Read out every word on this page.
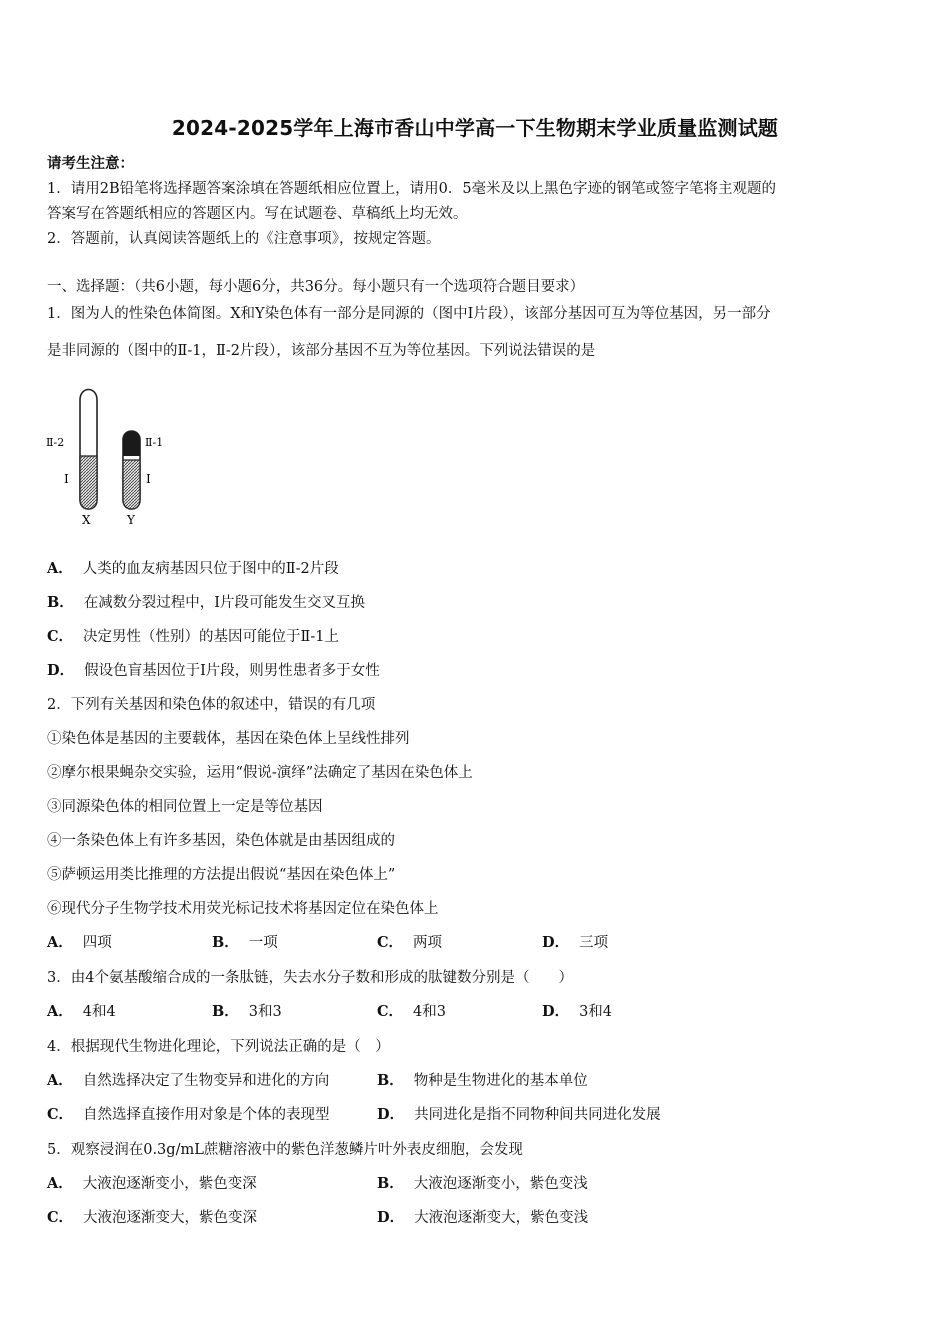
2024-2025学年上海市香山中学高一下生物期末学业质量监测试题
请考生注意：
1．请用2B铅笔将选择题答案涂填在答题纸相应位置上，请用0．5毫米及以上黑色字迹的钢笔或签字笔将主观题的
答案写在答题纸相应的答题区内。写在试题卷、草稿纸上均无效。
2．答题前，认真阅读答题纸上的《注意事项》，按规定答题。
一、选择题：（共6小题，每小题6分，共36分。每小题只有一个选项符合题目要求）
1．图为人的性染色体简图。X和Y染色体有一部分是同源的（图中I片段），该部分基因可互为等位基因，另一部分
是非同源的（图中的Ⅱ-1，Ⅱ-2片段），该部分基因不互为等位基因。下列说法错误的是
Ⅱ-2
I
Ⅱ-1
I
X	Y
A． 人类的血友病基因只位于图中的Ⅱ-2片段
B． 在减数分裂过程中，I片段可能发生交叉互换
C． 决定男性（性别）的基因可能位于Ⅱ-1上
D． 假设色盲基因位于I片段，则男性患者多于女性
2．下列有关基因和染色体的叙述中，错误的有几项
①染色体是基因的主要载体，基因在染色体上呈线性排列
②摩尔根果蝇杂交实验，运用“假说-演绎”法确定了基因在染色体上
③同源染色体的相同位置上一定是等位基因
④一条染色体上有许多基因，染色体就是由基因组成的
⑤萨顿运用类比推理的方法提出假说“基因在染色体上”
⑥现代分子生物学技术用荧光标记技术将基因定位在染色体上
A． 四项	B． 一项	C． 两项	D． 三项
3．由4个氨基酸缩合成的一条肽链，失去水分子数和形成的肽键数分别是（　　）
A． 4和4	B． 3和3	C． 4和3	D． 3和4
4．根据现代生物进化理论，下列说法正确的是（　）
A． 自然选择决定了生物变异和进化的方向	B． 物种是生物进化的基本单位
C． 自然选择直接作用对象是个体的表现型	D． 共同进化是指不同物种间共同进化发展
5．观察浸润在0.3g/mL蔗糖溶液中的紫色洋葱鳞片叶外表皮细胞，会发现
A． 大液泡逐渐变小，紫色变深	B． 大液泡逐渐变小，紫色变浅
C． 大液泡逐渐变大，紫色变深	D． 大液泡逐渐变大，紫色变浅
